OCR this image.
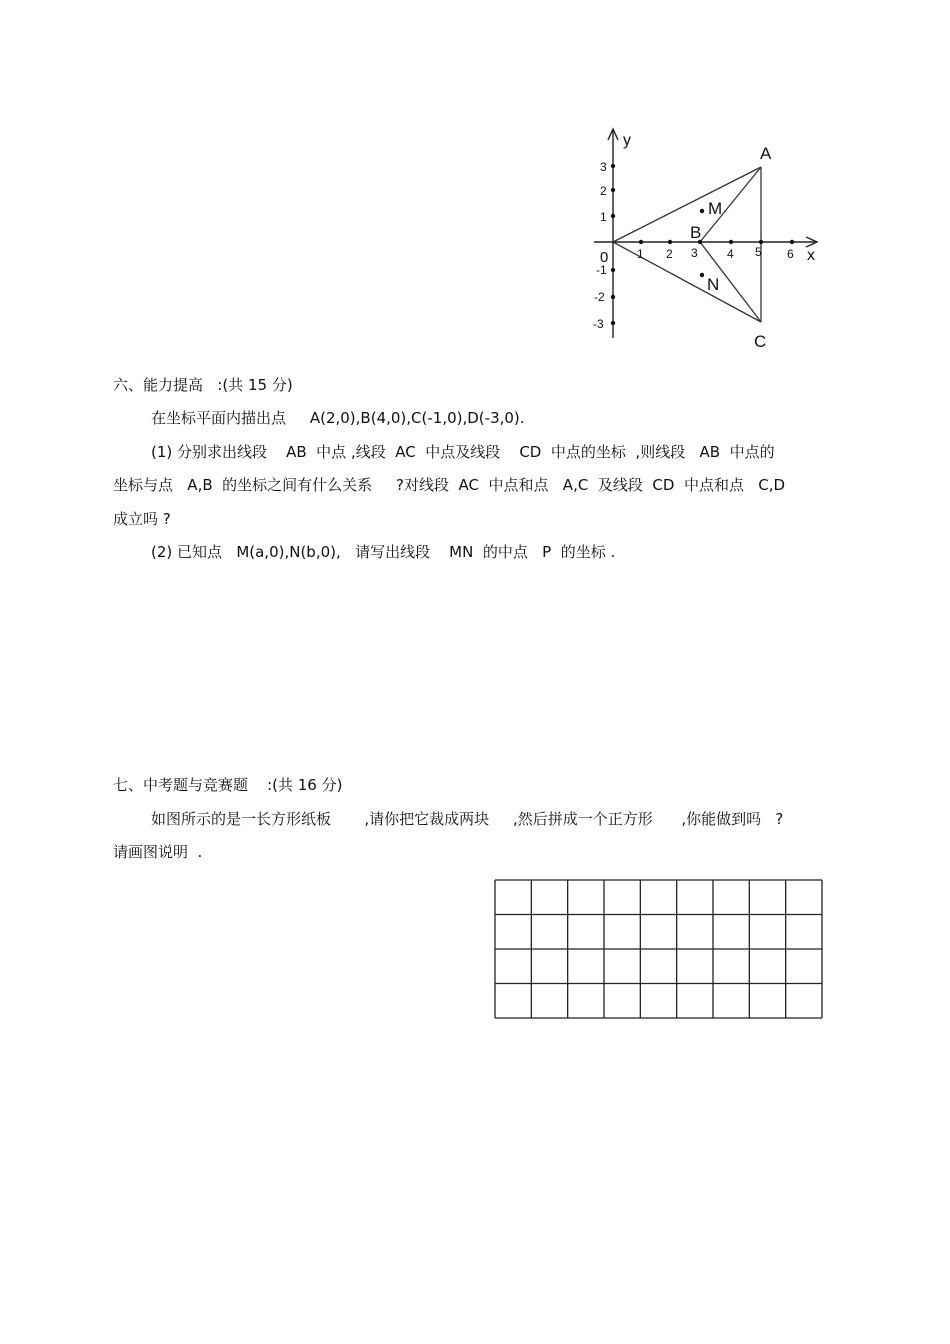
y
x
0 1 2 3 4 5 6
3
2
1
-1
-2
-3
A
B
C
M
N
六、能力提高   :(共 15 分)
在坐标平面内描出点     A(2,0),B(4,0),C(-1,0),D(-3,0).
(1) 分别求出线段    AB  中点 ,线段  AC  中点及线段    CD  中点的坐标  ,则线段   AB  中点的
坐标与点   A,B  的坐标之间有什么关系     ?对线段  AC  中点和点   A,C  及线段  CD  中点和点   C,D
成立吗 ?
(2) 已知点   M(a,0),N(b,0),   请写出线段    MN  的中点   P  的坐标 .
七、中考题与竞赛题    :(共 16 分)
如图所示的是一长方形纸板       ,请你把它裁成两块     ,然后拼成一个正方形      ,你能做到吗   ?
请画图说明  .
